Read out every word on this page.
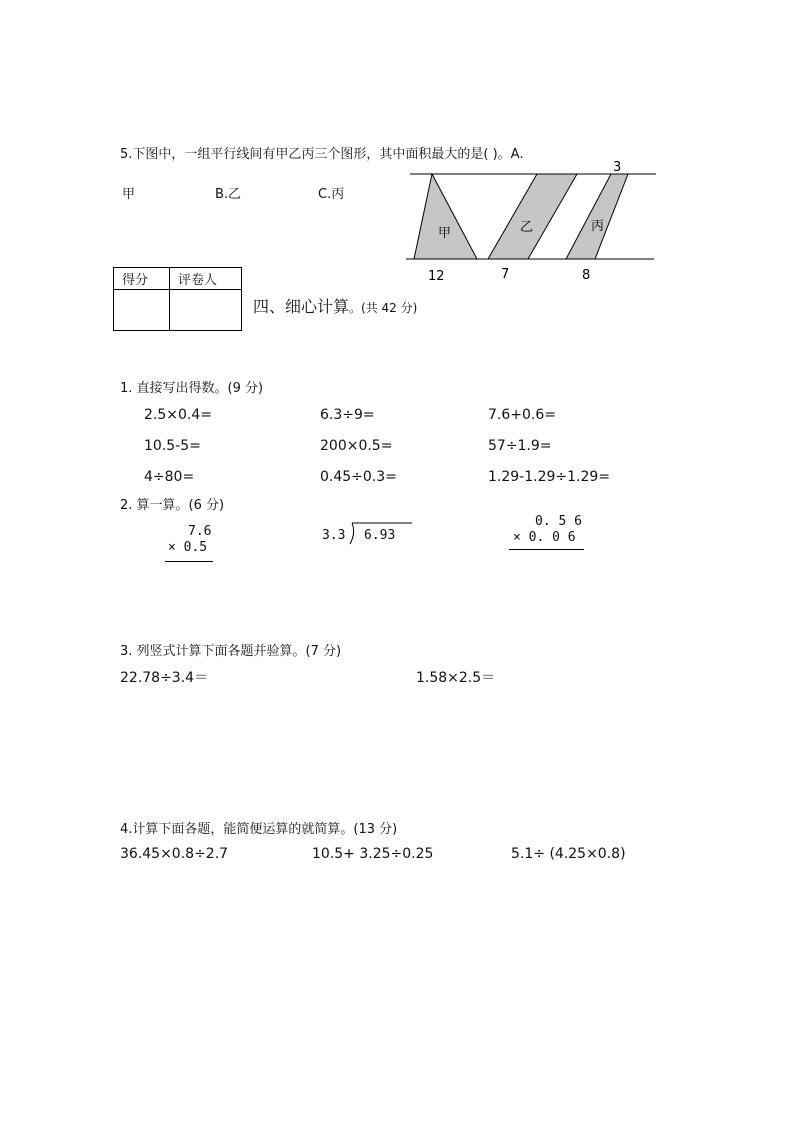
5.下图中，一组平行线间有甲乙丙三个图形，其中面积最大的是( )。A.
甲	B.乙	C.丙
甲	乙	丙
3
12	7	8
得分	评卷人

四、细心计算。(共 42 分)
1. 直接写出得数。(9 分)
2.5×0.4=	6.3÷9=	7.6+0.6=
10.5-5=	200×0.5=	57÷1.9=
4÷80=	0.45÷0.3=	1.29-1.29÷1.29=
2. 算一算。(6 分)
7.6
× 0.5
3.3 6.93
0. 5 6
× 0. 0 6
3. 列竖式计算下面各题并验算。(7 分)
22.78÷3.4＝	1.58×2.5＝
4.计算下面各题，能简便运算的就简算。(13 分)
36.45×0.8÷2.7	10.5+ 3.25÷0.25	5.1÷ (4.25×0.8)
